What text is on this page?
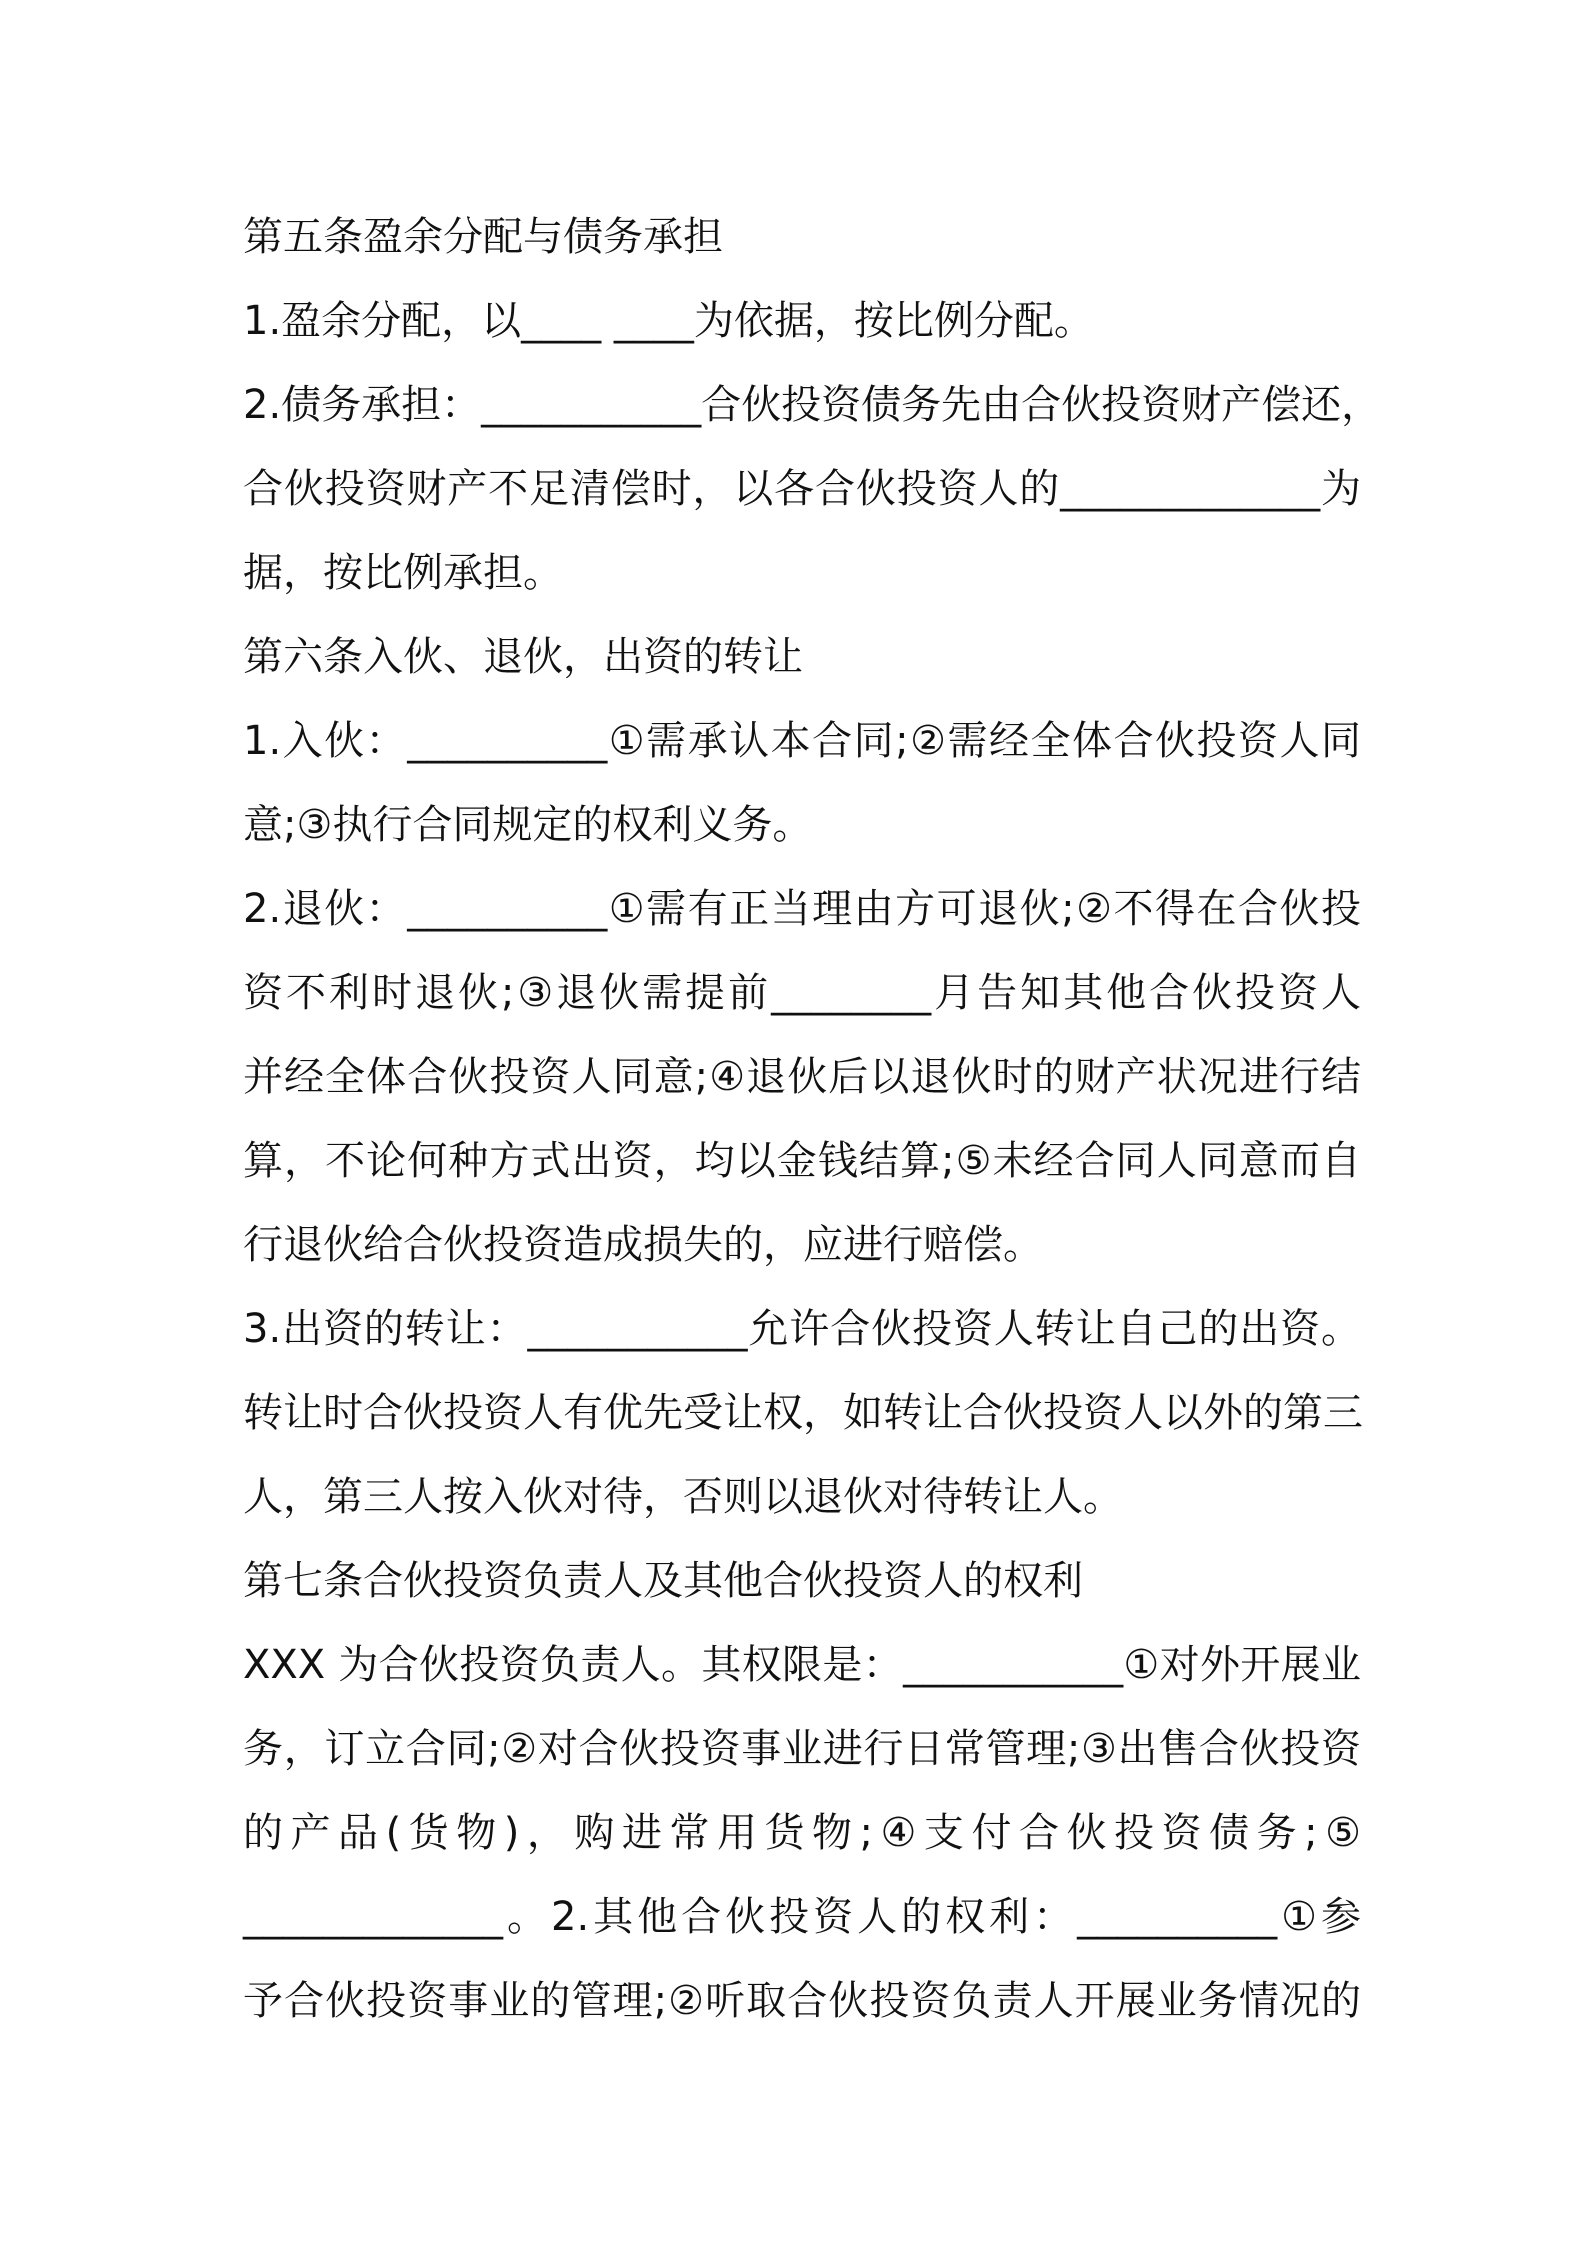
第五条盈余分配与债务承担

1.盈余分配，以____ ____为依据，按比例分配。

2.债务承担：___________合伙投资债务先由合伙投资财产偿还，

合伙投资财产不足清偿时，以各合伙投资人的_____________为

据，按比例承担。

第六条入伙、退伙，出资的转让

1.入伙：__________①需承认本合同;②需经全体合伙投资人同

意;③执行合同规定的权利义务。

2.退伙：__________①需有正当理由方可退伙;②不得在合伙投

资不利时退伙;③退伙需提前________月告知其他合伙投资人

并经全体合伙投资人同意;④退伙后以退伙时的财产状况进行结

算，不论何种方式出资，均以金钱结算;⑤未经合同人同意而自

行退伙给合伙投资造成损失的，应进行赔偿。

3.出资的转让：___________允许合伙投资人转让自己的出资。

转让时合伙投资人有优先受让权，如转让合伙投资人以外的第三

人，第三人按入伙对待，否则以退伙对待转让人。

第七条合伙投资负责人及其他合伙投资人的权利

XXX 为合伙投资负责人。其权限是：___________①对外开展业

务，订立合同;②对合伙投资事业进行日常管理;③出售合伙投资

的产品(货物)，购进常用货物;④支付合伙投资债务;⑤

_____________。2.其他合伙投资人的权利：__________①参

予合伙投资事业的管理;②听取合伙投资负责人开展业务情况的
